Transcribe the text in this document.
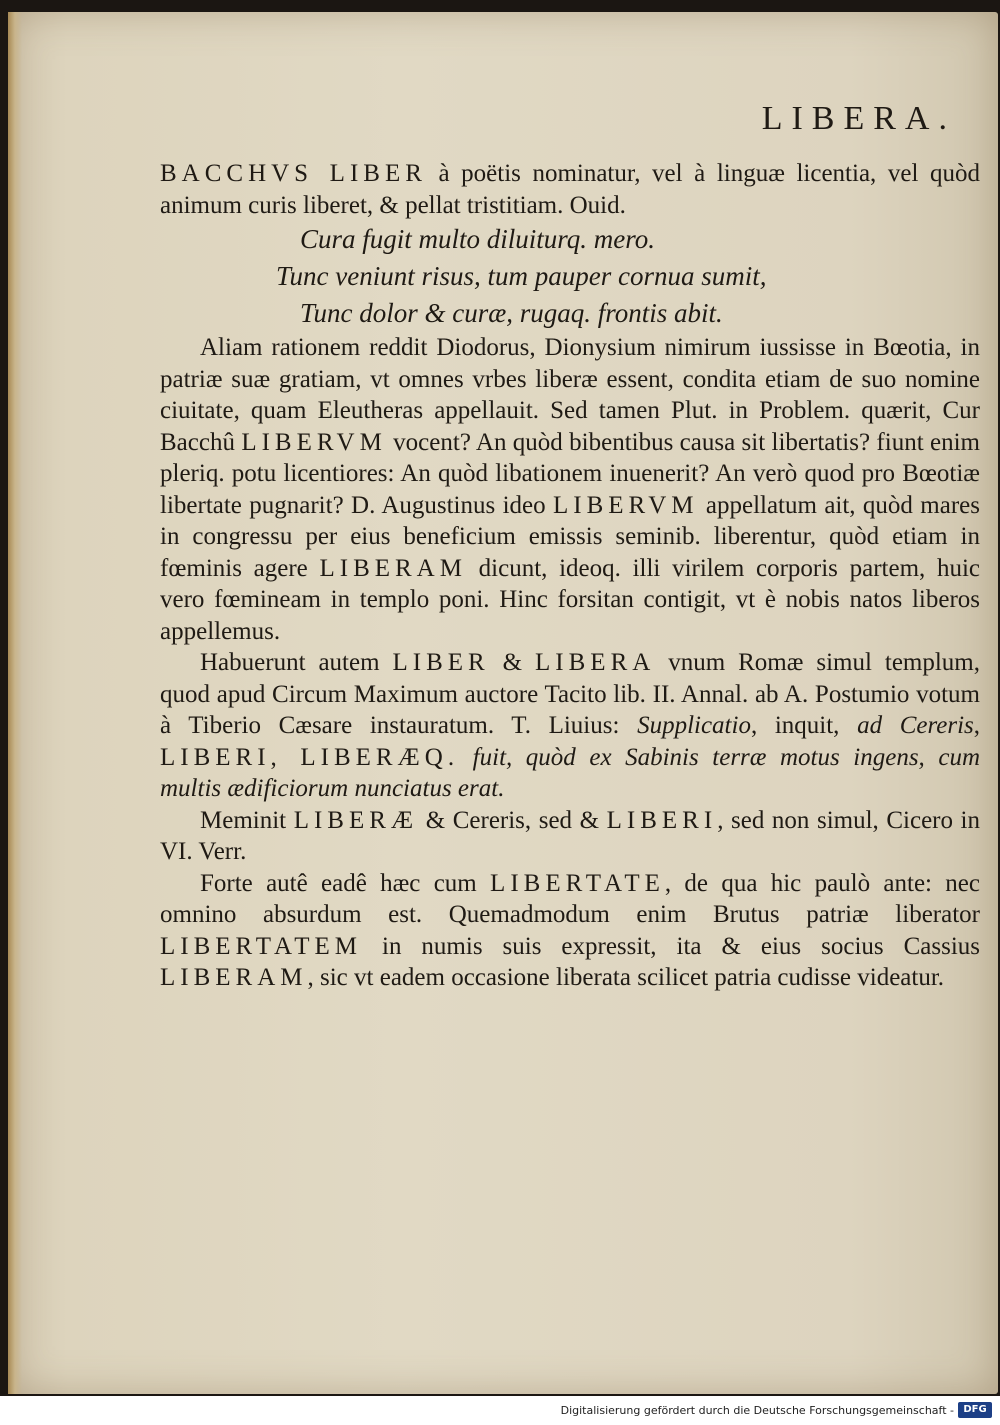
LIBERA.

BACCHVS LIBER à poëtis nominatur, vel à linguæ licentia, vel quòd animum curis liberet, & pellat tristitiam. Ouid.

Cura fugit multo diluiturq. mero.

Tunc veniunt risus, tum pauper cornua sumit,

Tunc dolor & curæ, rugaq. frontis abit.

Aliam rationem reddit Diodorus, Dionysium nimirum iussisse in Bœotia, in patriæ suæ gratiam, vt omnes vrbes liberæ essent, condita etiam de suo nomine ciuitate, quam Eleutheras appellauit. Sed tamen Plut. in Problem. quærit, Cur Bacchû LIBERVM vocent? An quòd bibentibus causa sit libertatis? fiunt enim pleriq. potu licentiores: An quòd libationem inuenerit? An verò quod pro Bœotiæ libertate pugnarit? D. Augustinus ideo LIBERVM appellatum ait, quòd mares in congressu per eius beneficium emissis seminib. liberentur, quòd etiam in fœminis agere LIBERAM dicunt, ideoq. illi virilem corporis partem, huic vero fœmineam in templo poni. Hinc forsitan contigit, vt è nobis natos liberos appellemus.

Habuerunt autem LIBER & LIBERA vnum Romæ simul templum, quod apud Circum Maximum auctore Tacito lib. II. Annal. ab A. Postumio votum à Tiberio Cæsare instauratum. T. Liuius: Supplicatio, inquit, ad Cereris, LIBERI, LIBERÆQ. fuit, quòd ex Sabinis terræ motus ingens, cum multis ædificiorum nunciatus erat.

Meminit LIBERÆ & Cereris, sed & LIBERI, sed non simul, Cicero in VI. Verr.

Forte autê eadê hæc cum LIBERTATE, de qua hic paulò ante: nec omnino absurdum est. Quemadmodum enim Brutus patriæ liberator LIBERTATEM in numis suis expressit, ita & eius socius Cassius LIBERAM, sic vt eadem occasione liberata scilicet patria cudisse videatur.

Digitalisierung gefördert durch die Deutsche Forschungsgemeinschaft - DFG
